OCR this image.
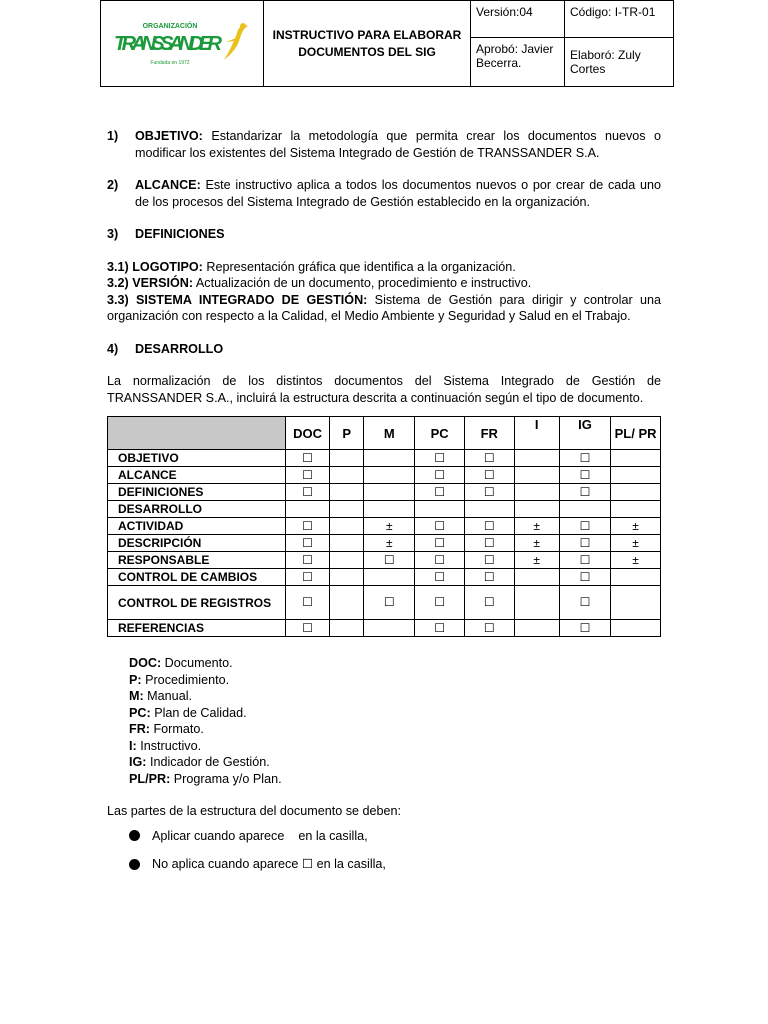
ORGANIZACIÓN
TRANSSANDER
Fundada en 1972	INSTRUCTIVO PARA ELABORAR DOCUMENTOS DEL SIG	Versión:04	Código: I-TR-01
		Aprobó: Javier Becerra.	Elaboró: Zuly Cortes
1)	OBJETIVO: Estandarizar la metodología que permita crear los documentos nuevos o modificar los existentes del Sistema Integrado de Gestión de TRANSSANDER S.A.
2)	ALCANCE: Este instructivo aplica a todos los documentos nuevos o por crear de cada uno de los procesos del Sistema Integrado de Gestión establecido en la organización.
3)	DEFINICIONES

3.1) LOGOTIPO: Representación gráfica que identifica a la organización.

3.2) VERSIÓN: Actualización de un documento, procedimiento e instructivo.

3.3) SISTEMA INTEGRADO DE GESTIÓN: Sistema de Gestión para dirigir y controlar una organización con respecto a la Calidad, el Medio Ambiente y Seguridad y Salud en el Trabajo.

4)	DESARROLLO

La normalización de los distintos documentos del Sistema Integrado de Gestión de TRANSSANDER S.A., incluirá la estructura descrita a continuación según el tipo de documento.

	DOC	P	M	PC	FR	I	IG	PL/ PR
OBJETIVO	☐			☐	☐		☐	
ALCANCE	☐			☐	☐		☐	
DEFINICIONES	☐			☐	☐		☐	
DESARROLLO								
ACTIVIDAD	☐		±	☐	☐	±	☐	±
DESCRIPCIÓN	☐		±	☐	☐	±	☐	±
RESPONSABLE	☐		☐	☐	☐	±	☐	±
CONTROL DE CAMBIOS	☐			☐	☐		☐	
CONTROL DE REGISTROS	☐		☐	☐	☐		☐	
REFERENCIAS	☐			☐	☐		☐	

DOC: Documento.

P: Procedimiento.

M: Manual.

PC: Plan de Calidad.

FR: Formato.

I: Instructivo.

IG: Indicador de Gestión.

PL/PR: Programa y/o Plan.

Las partes de la estructura del documento se deben:

Aplicar cuando aparece    en la casilla,
No aplica cuando aparece ☐ en la casilla,
